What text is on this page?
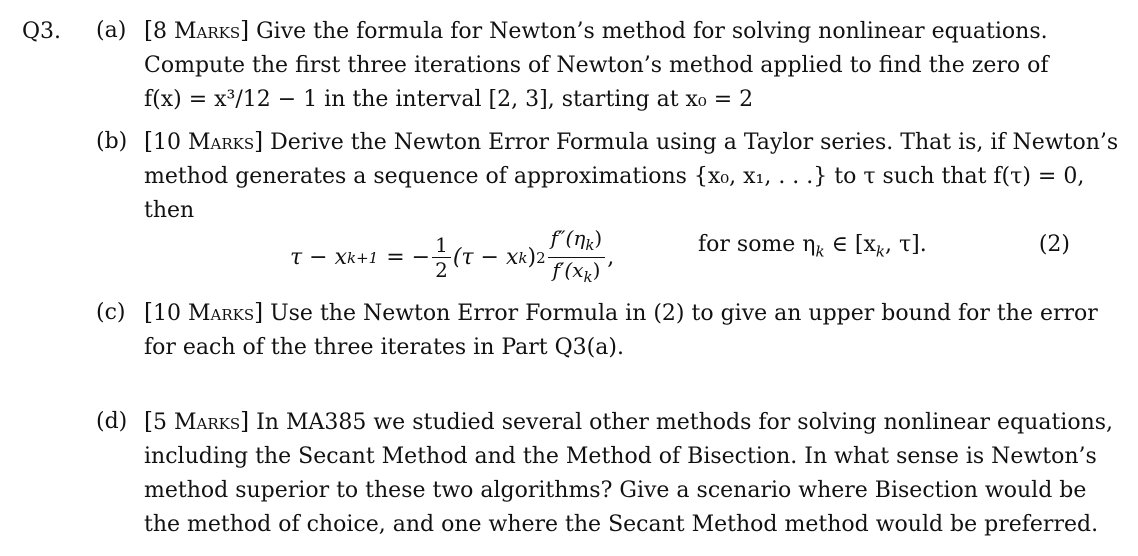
Q3. (a) [8 Marks] Give the formula for Newton’s method for solving nonlinear equations.
Compute the first three iterations of Newton’s method applied to find the zero of
f(x) = x³/12 − 1 in the interval [2, 3], starting at x₀ = 2
(b) [10 Marks] Derive the Newton Error Formula using a Taylor series. That is, if Newton’s
method generates a sequence of approximations {x₀, x₁, . . .} to τ such that f(τ) = 0,
then
τ − x k+1 = − $\frac{1}{2} (\tau - x$ k ) $2 \frac{f''(\eta_k)}{f'(x_k)}$ ,
for some $\eta_k$ ∈ [$x_k$, τ].	(2)
(c) [10 Marks] Use the Newton Error Formula in (2) to give an upper bound for the error
for each of the three iterates in Part Q3(a).
(d) [5 Marks] In MA385 we studied several other methods for solving nonlinear equations,
including the Secant Method and the Method of Bisection. In what sense is Newton’s
method superior to these two algorithms? Give a scenario where Bisection would be
the method of choice, and one where the Secant Method method would be preferred.
